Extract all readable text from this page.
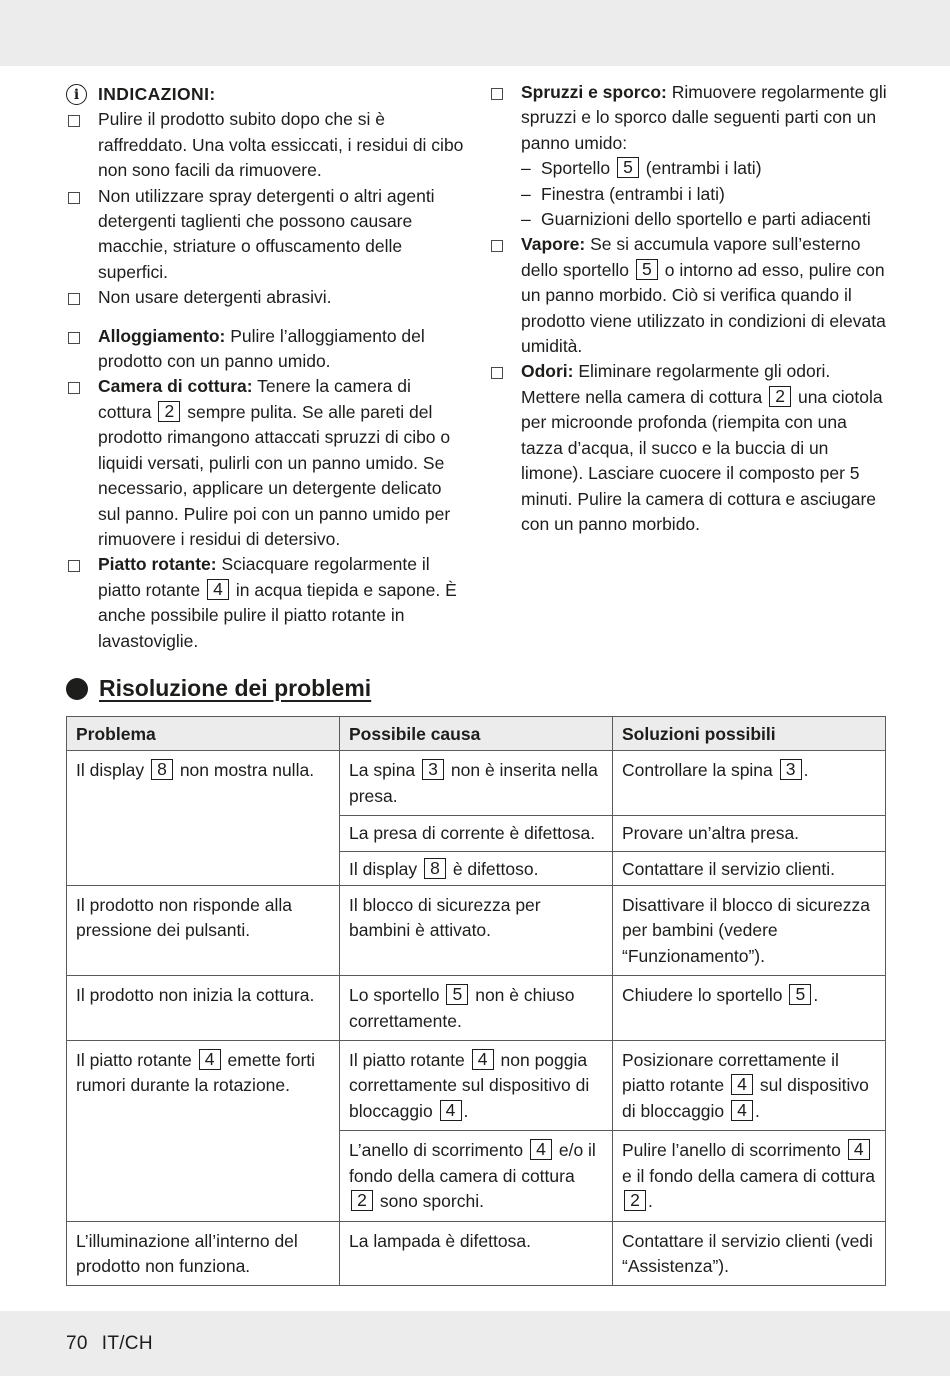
i	INDICAZIONI:
Pulire il prodotto subito dopo che si è raffreddato. Una volta essiccati, i residui di cibo non sono facili da rimuovere.
Non utilizzare spray detergenti o altri agenti detergenti taglienti che possono causare macchie, striature o offuscamento delle superfici.
Non usare detergenti abrasivi.
Alloggiamento: Pulire l’alloggiamento del prodotto con un panno umido.
Camera di cottura: Tenere la camera di cottura 2 sempre pulita. Se alle pareti del prodotto rimangono attaccati spruzzi di cibo o liquidi versati, pulirli con un panno umido. Se necessario, applicare un detergente delicato sul panno. Pulire poi con un panno umido per rimuovere i residui di detersivo.
Piatto rotante: Sciacquare regolarmente il piatto rotante 4 in acqua tiepida e sapone. È anche possibile pulire il piatto rotante in lavastoviglie.
Spruzzi e sporco: Rimuovere regolarmente gli spruzzi e lo sporco dalle seguenti parti con un panno umido:
– Sportello 5 (entrambi i lati)
– Finestra (entrambi i lati)
– Guarnizioni dello sportello e parti adiacenti
Vapore: Se si accumula vapore sull’esterno dello sportello 5 o intorno ad esso, pulire con un panno morbido. Ciò si verifica quando il prodotto viene utilizzato in condizioni di elevata umidità.
Odori: Eliminare regolarmente gli odori. Mettere nella camera di cottura 2 una ciotola per microonde profonda (riempita con una tazza d’acqua, il succo e la buccia di un limone). Lasciare cuocere il composto per 5 minuti. Pulire la camera di cottura e asciugare con un panno morbido.
Risoluzione dei problemi
Problema	Possibile causa	Soluzioni possibili
Il display 8 non mostra nulla.	La spina 3 non è inserita nella presa.	Controllare la spina 3 .
	La presa di corrente è difettosa.	Provare un’altra presa.
	Il display 8 è difettoso.	Contattare il servizio clienti.
Il prodotto non risponde alla pressione dei pulsanti.	Il blocco di sicurezza per bambini è attivato.	Disattivare il blocco di sicurezza per bambini (vedere “Funzionamento”).
Il prodotto non inizia la cottura.	Lo sportello 5 non è chiuso correttamente.	Chiudere lo sportello 5 .
Il piatto rotante 4 emette forti rumori durante la rotazione.	Il piatto rotante 4 non poggia correttamente sul dispositivo di bloccaggio 4 .	Posizionare correttamente il piatto rotante 4 sul dispositivo di bloccaggio 4 .
	L’anello di scorrimento 4 e/o il fondo della camera di cottura 2 sono sporchi.	Pulire l’anello di scorrimento 4 e il fondo della camera di cottura 2 .
L’illuminazione all’interno del prodotto non funziona.	La lampada è difettosa.	Contattare il servizio clienti (vedi “Assistenza”).
70 IT/CH
